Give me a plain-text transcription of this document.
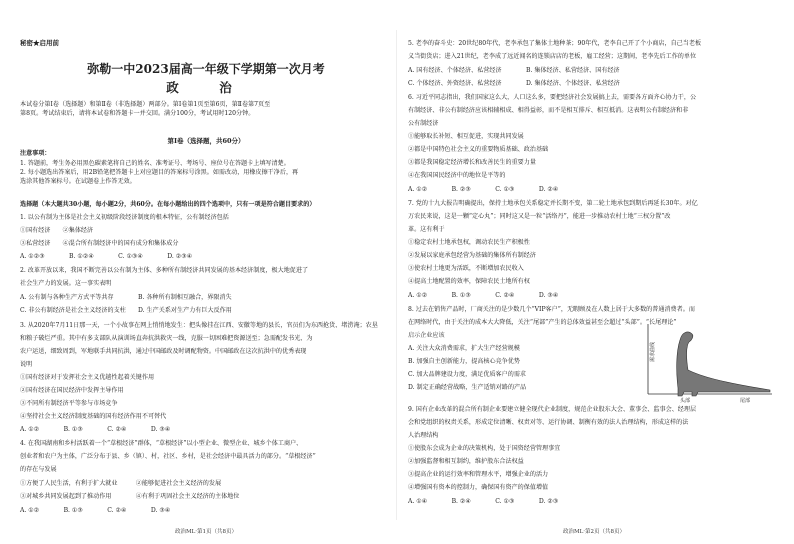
秘密★启用前
弥勒一中2023届高一年级下学期第一次月考
政　治
本试卷分第Ⅰ卷（选择题）和第Ⅱ卷（非选择题）两部分。第Ⅰ卷第1页至第6页，第Ⅱ卷第7页至
第8页。考试结束后，请将本试卷和答题卡一并交回。满分100分，考试用时120分钟。
第Ⅰ卷（选择题，共60分）
注意事项：
1. 答题前，考生务必用黑色碳素笔将自己的姓名、准考证号、考场号、座位号在答题卡上填写清楚。
2. 每小题选出答案后，用2B铅笔把答题卡上对应题目的答案标号涂黑。如需改动，用橡皮擦干净后，再
选涂其他答案标号。在试题卷上作答无效。
选择题（本大题共30小题，每小题2分，共60分。在每小题给出的四个选项中，只有一项是符合题目要求的）
1. 以公有制为主体是社会主义初级阶段经济制度的根本特征，公有制经济包括
①国有经济　　②集体经济
③私营经济　　④混合所有制经济中的国有成分和集体成分
A. ①②③　　　　B. ①②④　　　　C. ①③④　　　　D. ②③④
2. 改革开放以来，我国不断完善以公有制为主体、多种所有制经济共同发展的基本经济制度，极大地促进了
社会生产力的发展。这一事实表明
A. 公有制与各种生产方式平等共存　　　　B. 各种所有制相互融合，界限消失
C. 非公有制经济是社会主义经济的支柱　　D. 生产关系对生产力有巨大反作用
3. 从2020年7月11日那一天，一个小故事在网上悄悄地发生：把头像挂在江西、安徽等地的县长，官员们为东西抢货、堵涝淹；农垦
和粮子破烂严重。其中有多支部队从演训场直奔抗洪救灾一线，克服一切困难把资源送至；急需配发书光、为
农户运送，细致周到，军地联手共同抗洪，通过中国邮政及时调配物资。中国邮政在这次抗洪中的优秀表现
说明
①国有经济对于发挥社会主义优越性起着关键作用
②国有经济在国民经济中发挥主导作用
③不同所有制经济平等参与市场竞争
④坚持社会主义经济制度基础的国有经济作用不可替代
A. ①②　　　　B. ①③　　　　C. ②④　　　　D. ③④
4. 在我国湖南和乡村活跃着一个“草根经济”群体，“草根经济”以小型企业、微型企业、城乡个体工商户、
创业者和农户为主体，广泛分布于县、乡（镇）、村，社区、乡村，是社会经济中最具活力的部分。“草根经济”
的存在与发展
①方便了人民生活，有利于扩大就业　　　②能够促进社会主义经济的发展
③对城乡共同发展起到了推动作用　　　　④有利于巩固社会主义经济的主体地位
A. ①②　　　　B. ①③　　　　C. ②④　　　　D. ③④
政治ML·第1页（共8页）
5. 老李的奋斗史：20世纪80年代，老李承包了集体土地种茶；90年代，老李自己开了个小商店，自己当老板
义当街货店；进入21世纪，老李成了远近闻名的连锁店店的老板，雇工经营；这期间，老李先后工作的单位
A. 国有经济、个体经济、私营经济　　　　B. 集体经济、私营经济、国有经济
C. 个体经济、外资经济、私营经济　　　　D. 集体经济、个体经济、私营经济
6. 习近平同志指出，我们国家这么大，人口这么多，要把经济社会发展搞上去，需要各方面齐心协力干，公
有制经济、非公有制经济应该相辅相成、相得益彰，而不是相互排斥、相互抵消。这表明公有制经济和非
公有制经济
①能够取长补短、相互促进，实现共同发展
②都是中国特色社会主义的重要物质基础、政治基础
③都是我国稳定经济增长和改善民生的重要力量
④在我国国民经济中的地位是平等的
A. ①②　　　　B. ②③　　　　C. ①③　　　　D. ②④
7. 党的十九大报告明确提出，保持土地承包关系稳定并长期不变，第二轮土地承包到期后再延长30年。对亿
万农民来说，这是一颗“定心丸”；同时这又是一粒“活络丹”，能进一步推动农村土地“三权分置”改
革。这有利于
①稳定农村土地承包权，调动农民生产积极性
②发展以家庭承包经营为基础的集体所有制经济
③使农村土地更为活跃，不断增加农民收入
④提高土地配置的效率，保障农民土地所有权
A. ①②　　　　B. ①③　　　　C. ②④　　　　D. ③④
8. 过去在销售产品时，厂商关注的是少数几个“VIP客户”，无暇顾及在人数上居于大多数的普通消费者。而
在网络时代，由于关注的成本大大降低，关注“尾部”产生的总体效益甚至会超过“头部”。“长尾理论”
启示企业应该
A. 关注大众消费需求，扩大生产经营规模
B. 加强自主创新能力，提高核心竞争优势
C. 加大品牌建设力度，满足优质客户的需求
D. 制定正确经营战略，生产适销对路的产品
9. 国有企业改革的混合所有制企业要建立健全现代企业制度，规范企业股东大会、董事会、监事会、经理层
会和党组织的权责关系，形成定位清晰、权责对等、运行协调、制衡有效的法人治理结构，形成这样的法
人治理结构
①使股东会成为企业的决策机构，处于国资经营管理事宜
②加强监督和相互制约，维护股东合法权益
③提高企业的运行效率和管理水平，增强企业的活力
④增强国有资本的控制力，确保国有资产的保值增值
A. ①④　　　　B. ②④　　　　C. ①③　　　　D. ②③
需求曲线
头部	尾部
政治ML·第2页（共8页）
